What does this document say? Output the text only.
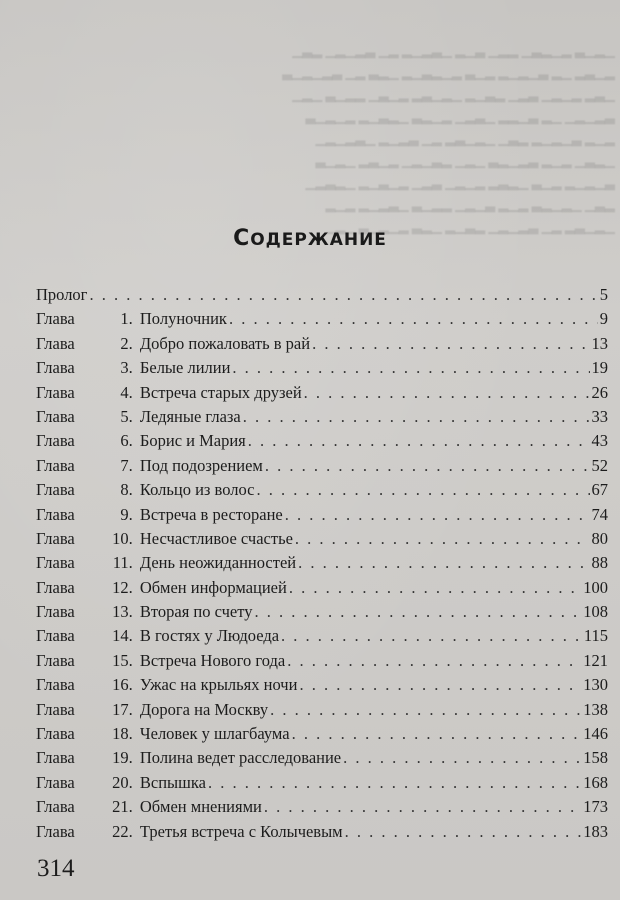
▁▂▁▃ ▂▁▂▃▁ ▂▂▁ ▃▁▂ ▁▃▂▁▂ ▂▁ ▃▂▁▂▁ ▂▃▁
▂▁▃▂ ▁▂ ▃▁▂▁▂ ▂▁▃ ▂▁▂▃▁▂ ▁▂▃ ▂▁ ▃▂▁▂▁▃
▁▃▂ ▂▁▂▁ ▃▂▁ ▂▃▁▂ ▁▂▁▃▂ ▂▁▃▁ ▂▂▁▃ ▁▂▁
▃▂▁▂▁ ▁▂ ▃▁▂▂ ▁▃▂▁ ▂▁▂▃ ▁▂▃▁▂ ▂▁▂▁▃
▂▁▂ ▃▁▂▁▂ ▂▃▁ ▁▂▁▃▂ ▂▁ ▃▂▁▂ ▁▃▂▁▂▁
▁▂▃▁ ▂▁▂ ▃▂▁▂▃ ▁▂▁ ▂▃▁▂▁ ▂▁▃▂ ▁▂▁▃
▃▁▂▁▂ ▂▁▃ ▁▂▃▂ ▂▁▂▁ ▃▂▁ ▂▁▃▁▂ ▁▂▃▂▁
▂▃▁ ▁▂▁▂▃ ▂▁▂ ▃▁▂▁ ▂▂▁▃ ▁▃▂▁▂ ▂▁▂
▁▂▁▃▂ ▂▁ ▃▂▁▂▁ ▂▃▁▂ ▁▂▃ ▂▁▂▁▃ ▁▂▁
СОДЕРЖАНИЕ
Пролог . . .	5
Глава	1. Полуночник . . .	9
Глава	2. Добро пожаловать в рай . . .	13
Глава	3. Белые лилии . . .	19
Глава	4. Встреча старых друзей . . .	26
Глава	5. Ледяные глаза . . .	33
Глава	6. Борис и Мария . . .	43
Глава	7. Под подозрением . . .	52
Глава	8. Кольцо из волос . . .	67
Глава	9. Встреча в ресторане . . .	74
Глава 10. Несчастливое счастье . . .	80
Глава 11. День неожиданностей . . .	88
Глава 12. Обмен информацией . . .	100
Глава 13. Вторая по счету . . .	108
Глава 14. В гостях у Людоеда . . .	115
Глава 15. Встреча Нового года . . .	121
Глава 16. Ужас на крыльях ночи . . .	130
Глава 17. Дорога на Москву . . .	138
Глава 18. Человек у шлагбаума . . .	146
Глава 19. Полина ведет расследование . . .	158
Глава 20. Вспышка . . .	168
Глава 21. Обмен мнениями . . .	173
Глава 22. Третья встреча с Колычевым . . .	183
314
